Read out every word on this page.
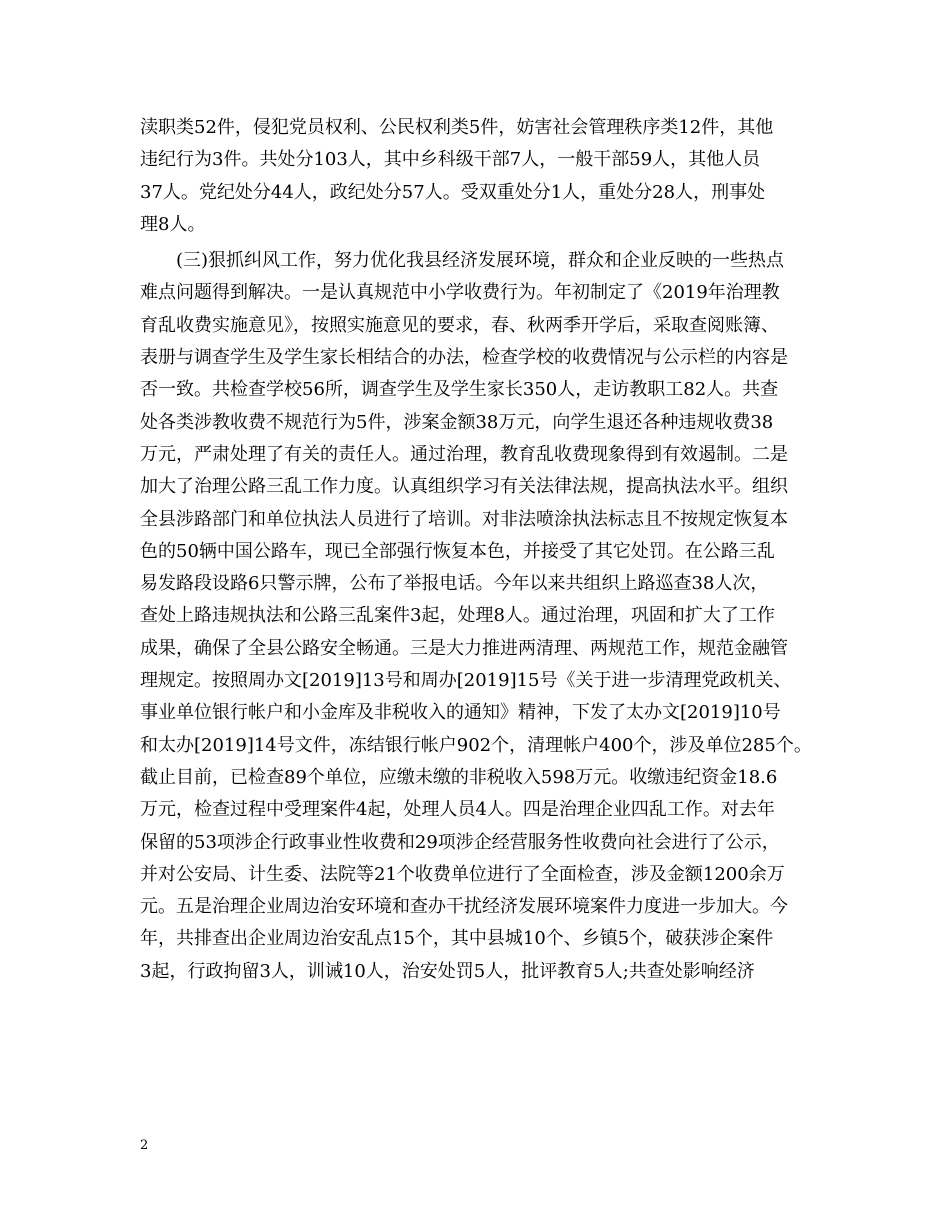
渎职类52件，侵犯党员权利、公民权利类5件，妨害社会管理秩序类12件，其他
违纪行为3件。共处分103人，其中乡科级干部7人，一般干部59人，其他人员
37人。党纪处分44人，政纪处分57人。受双重处分1人，重处分28人，刑事处
理8人。
(三)狠抓纠风工作，努力优化我县经济发展环境，群众和企业反映的一些热点
难点问题得到解决。一是认真规范中小学收费行为。年初制定了《2019年治理教
育乱收费实施意见》，按照实施意见的要求，春、秋两季开学后，采取查阅账簿、
表册与调查学生及学生家长相结合的办法，检查学校的收费情况与公示栏的内容是
否一致。共检查学校56所，调查学生及学生家长350人，走访教职工82人。共查
处各类涉教收费不规范行为5件，涉案金额38万元，向学生退还各种违规收费38
万元，严肃处理了有关的责任人。通过治理，教育乱收费现象得到有效遏制。二是
加大了治理公路三乱工作力度。认真组织学习有关法律法规，提高执法水平。组织
全县涉路部门和单位执法人员进行了培训。对非法喷涂执法标志且不按规定恢复本
色的50辆中国公路车，现已全部强行恢复本色，并接受了其它处罚。在公路三乱
易发路段设路6只警示牌，公布了举报电话。今年以来共组织上路巡查38人次，
查处上路违规执法和公路三乱案件3起，处理8人。通过治理，巩固和扩大了工作
成果，确保了全县公路安全畅通。三是大力推进两清理、两规范工作，规范金融管
理规定。按照周办文[2019]13号和周办[2019]15号《关于进一步清理党政机关、
事业单位银行帐户和小金库及非税收入的通知》精神，下发了太办文[2019]10号
和太办[2019]14号文件，冻结银行帐户902个，清理帐户400个，涉及单位285个。
截止目前，已检查89个单位，应缴未缴的非税收入598万元。收缴违纪资金18.6
万元，检查过程中受理案件4起，处理人员4人。四是治理企业四乱工作。对去年
保留的53项涉企行政事业性收费和29项涉企经营服务性收费向社会进行了公示，
并对公安局、计生委、法院等21个收费单位进行了全面检查，涉及金额1200余万
元。五是治理企业周边治安环境和查办干扰经济发展环境案件力度进一步加大。今
年，共排查出企业周边治安乱点15个，其中县城10个、乡镇5个，破获涉企案件
3起，行政拘留3人，训诫10人，治安处罚5人，批评教育5人;共查处影响经济
2
